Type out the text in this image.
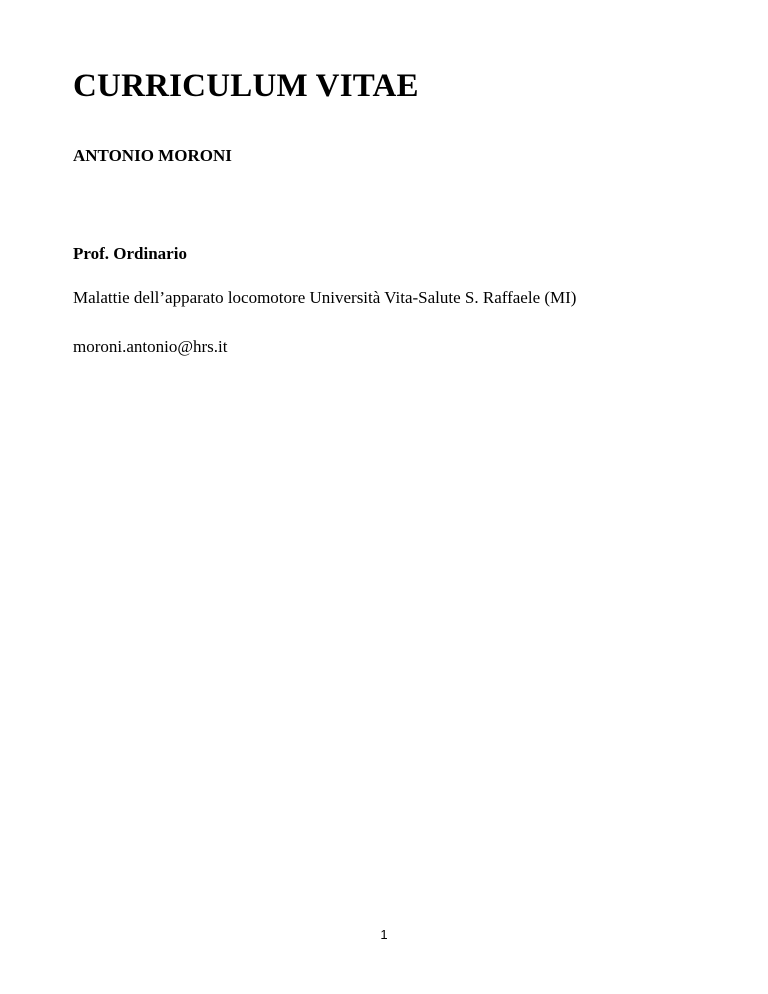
CURRICULUM VITAE

ANTONIO MORONI

Prof. Ordinario

Malattie dell’apparato locomotore Università Vita-Salute S. Raffaele (MI)

moroni.antonio@hrs.it

1
